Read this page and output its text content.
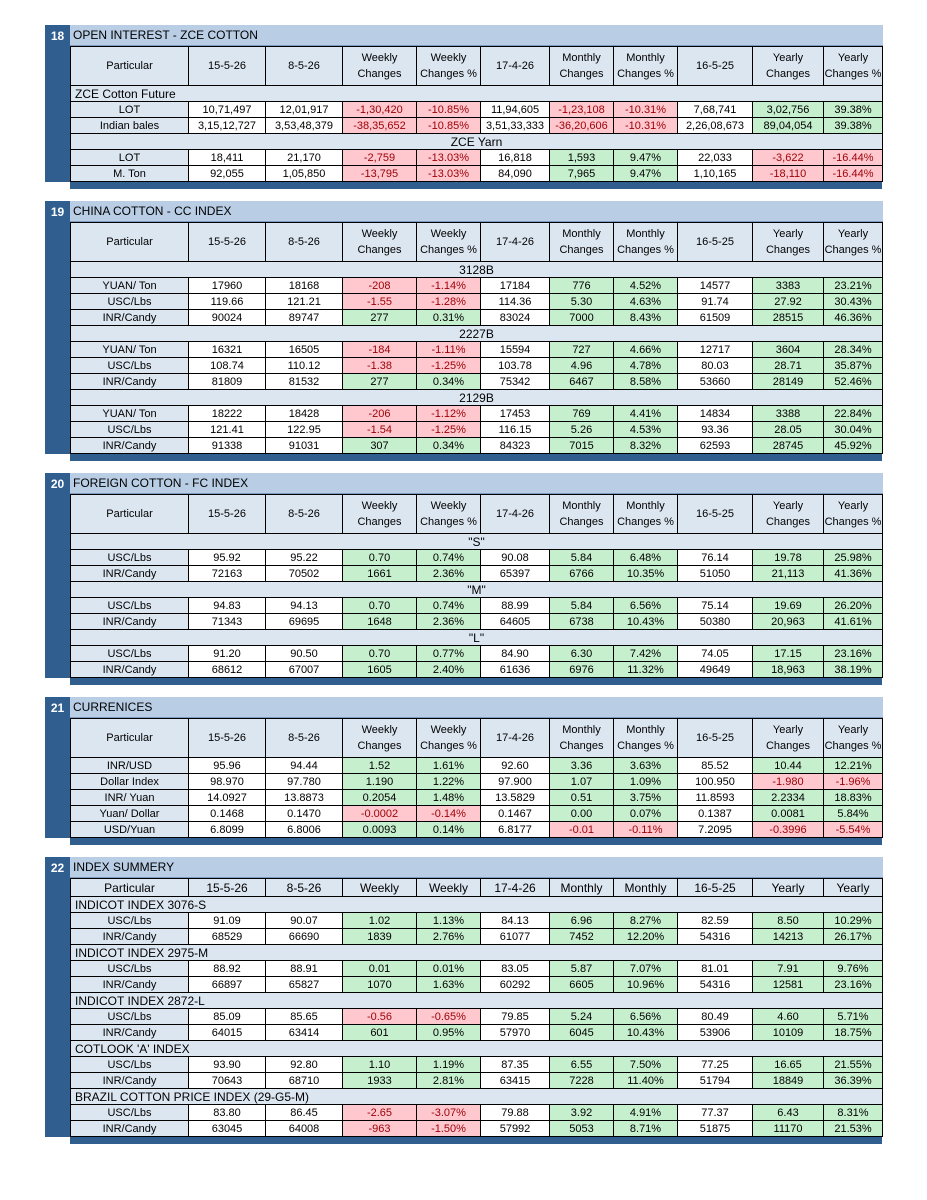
18 OPEN INTEREST - ZCE COTTON
Particular	15-5-26	8-5-26	Weekly Changes	Weekly Changes %	17-4-26	Monthly Changes	Monthly Changes %	16-5-25	Yearly Changes	Yearly Changes %
ZCE Cotton Future										
LOT	10,71,497	12,01,917	-1,30,420	-10.85%	11,94,605	-1,23,108	-10.31%	7,68,741	3,02,756	39.38%
Indian bales	3,15,12,727	3,53,48,379	-38,35,652	-10.85%	3,51,33,333	-36,20,606	-10.31%	2,26,08,673	89,04,054	39.38%
ZCE Yarn										
LOT	18,411	21,170	-2,759	-13.03%	16,818	1,593	9.47%	22,033	-3,622	-16.44%
M. Ton	92,055	1,05,850	-13,795	-13.03%	84,090	7,965	9.47%	1,10,165	-18,110	-16.44%
19 CHINA COTTON - CC INDEX
Particular	15-5-26	8-5-26	Weekly Changes	Weekly Changes %	17-4-26	Monthly Changes	Monthly Changes %	16-5-25	Yearly Changes	Yearly Changes %
3128B										
YUAN/ Ton	17960	18168	-208	-1.14%	17184	776	4.52%	14577	3383	23.21%
USC/Lbs	119.66	121.21	-1.55	-1.28%	114.36	5.30	4.63%	91.74	27.92	30.43%
INR/Candy	90024	89747	277	0.31%	83024	7000	8.43%	61509	28515	46.36%
2227B										
YUAN/ Ton	16321	16505	-184	-1.11%	15594	727	4.66%	12717	3604	28.34%
USC/Lbs	108.74	110.12	-1.38	-1.25%	103.78	4.96	4.78%	80.03	28.71	35.87%
INR/Candy	81809	81532	277	0.34%	75342	6467	8.58%	53660	28149	52.46%
2129B										
YUAN/ Ton	18222	18428	-206	-1.12%	17453	769	4.41%	14834	3388	22.84%
USC/Lbs	121.41	122.95	-1.54	-1.25%	116.15	5.26	4.53%	93.36	28.05	30.04%
INR/Candy	91338	91031	307	0.34%	84323	7015	8.32%	62593	28745	45.92%
20 FOREIGN COTTON - FC INDEX
Particular	15-5-26	8-5-26	Weekly Changes	Weekly Changes %	17-4-26	Monthly Changes	Monthly Changes %	16-5-25	Yearly Changes	Yearly Changes %
"S"										
USC/Lbs	95.92	95.22	0.70	0.74%	90.08	5.84	6.48%	76.14	19.78	25.98%
INR/Candy	72163	70502	1661	2.36%	65397	6766	10.35%	51050	21,113	41.36%
"M"										
USC/Lbs	94.83	94.13	0.70	0.74%	88.99	5.84	6.56%	75.14	19.69	26.20%
INR/Candy	71343	69695	1648	2.36%	64605	6738	10.43%	50380	20,963	41.61%
"L"										
USC/Lbs	91.20	90.50	0.70	0.77%	84.90	6.30	7.42%	74.05	17.15	23.16%
INR/Candy	68612	67007	1605	2.40%	61636	6976	11.32%	49649	18,963	38.19%
21 CURRENICES
Particular	15-5-26	8-5-26	Weekly Changes	Weekly Changes %	17-4-26	Monthly Changes	Monthly Changes %	16-5-25	Yearly Changes	Yearly Changes %
INR/USD	95.96	94.44	1.52	1.61%	92.60	3.36	3.63%	85.52	10.44	12.21%
Dollar Index	98.970	97.780	1.190	1.22%	97.900	1.07	1.09%	100.950	-1.980	-1.96%
INR/ Yuan	14.0927	13.8873	0.2054	1.48%	13.5829	0.51	3.75%	11.8593	2.2334	18.83%
Yuan/ Dollar	0.1468	0.1470	-0.0002	-0.14%	0.1467	0.00	0.07%	0.1387	0.0081	5.84%
USD/Yuan	6.8099	6.8006	0.0093	0.14%	6.8177	-0.01	-0.11%	7.2095	-0.3996	-5.54%
22 INDEX SUMMERY
Particular	15-5-26	8-5-26	Weekly	Weekly	17-4-26	Monthly	Monthly	16-5-25	Yearly	Yearly
INDICOT INDEX 3076-S										
USC/Lbs	91.09	90.07	1.02	1.13%	84.13	6.96	8.27%	82.59	8.50	10.29%
INR/Candy	68529	66690	1839	2.76%	61077	7452	12.20%	54316	14213	26.17%
INDICOT INDEX 2975-M										
USC/Lbs	88.92	88.91	0.01	0.01%	83.05	5.87	7.07%	81.01	7.91	9.76%
INR/Candy	66897	65827	1070	1.63%	60292	6605	10.96%	54316	12581	23.16%
INDICOT INDEX 2872-L										
USC/Lbs	85.09	85.65	-0.56	-0.65%	79.85	5.24	6.56%	80.49	4.60	5.71%
INR/Candy	64015	63414	601	0.95%	57970	6045	10.43%	53906	10109	18.75%
COTLOOK 'A' INDEX										
USC/Lbs	93.90	92.80	1.10	1.19%	87.35	6.55	7.50%	77.25	16.65	21.55%
INR/Candy	70643	68710	1933	2.81%	63415	7228	11.40%	51794	18849	36.39%
BRAZIL COTTON PRICE INDEX (29-G5-M)										
USC/Lbs	83.80	86.45	-2.65	-3.07%	79.88	3.92	4.91%	77.37	6.43	8.31%
INR/Candy	63045	64008	-963	-1.50%	57992	5053	8.71%	51875	11170	21.53%
